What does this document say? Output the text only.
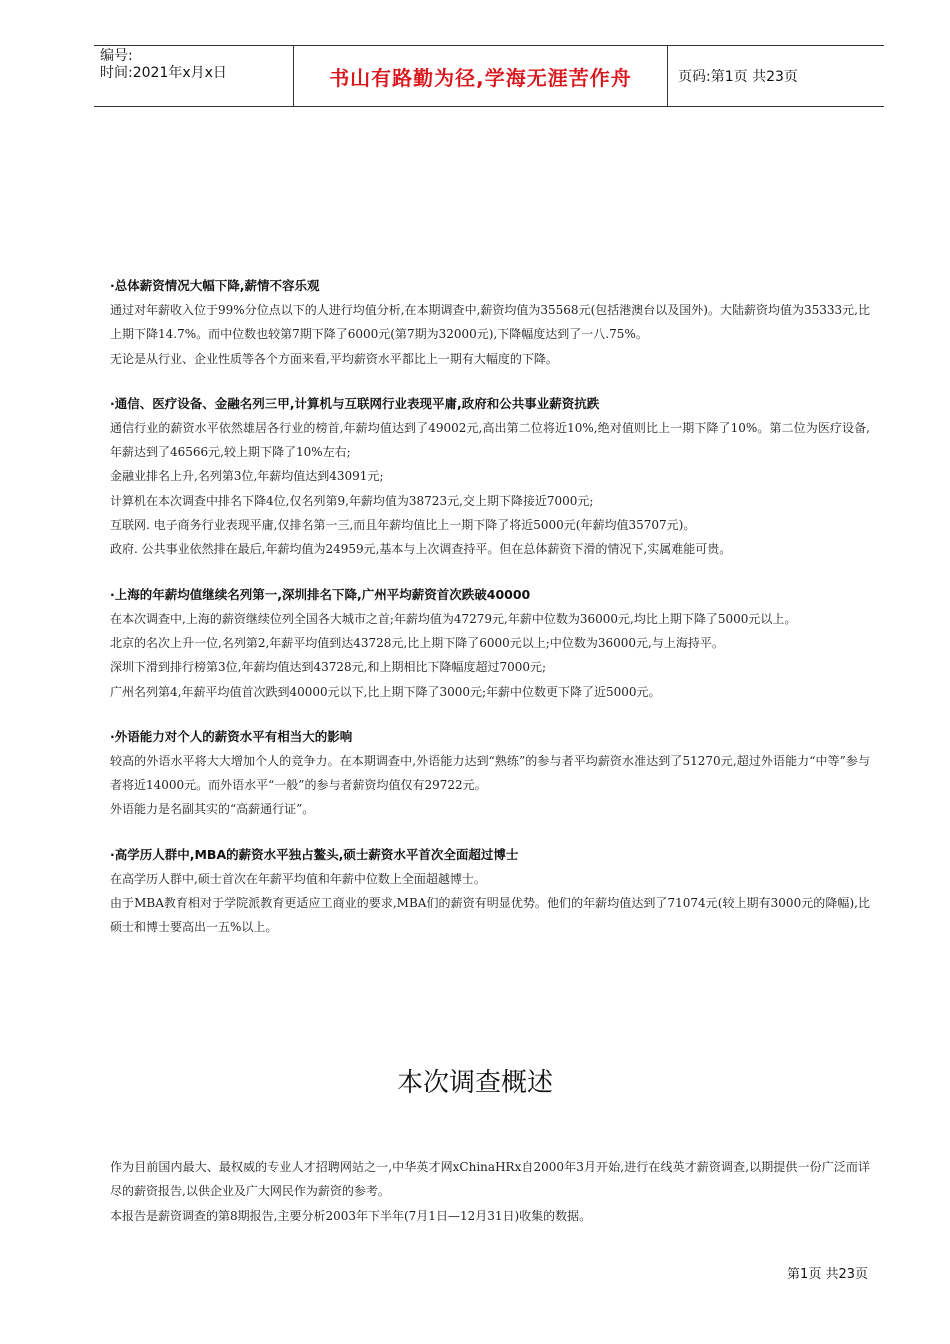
编号:
时间:2021年x月x日	书山有路勤为径,学海无涯苦作舟	页码:第1页 共23页

·总体薪资情况大幅下降,薪情不容乐观

通过对年薪收入位于99%分位点以下的人进行均值分析,在本期调查中,薪资均值为35568元(包括港澳台以及国外)。大陆薪资均值为35333元,比上期下降14.7%。而中位数也较第7期下降了6000元(第7期为32000元),下降幅度达到了一八.75%。

无论是从行业、企业性质等各个方面来看,平均薪资水平都比上一期有大幅度的下降。

·通信、医疗设备、金融名列三甲,计算机与互联网行业表现平庸,政府和公共事业薪资抗跌

通信行业的薪资水平依然雄居各行业的榜首,年薪均值达到了49002元,高出第二位将近10%,绝对值则比上一期下降了10%。第二位为医疗设备,年薪达到了46566元,较上期下降了10%左右;

金融业排名上升,名列第3位,年薪均值达到43091元;

计算机在本次调查中排名下降4位,仅名列第9,年薪均值为38723元,交上期下降接近7000元;

互联网. 电子商务行业表现平庸,仅排名第一三,而且年薪均值比上一期下降了将近5000元(年薪均值35707元)。

政府. 公共事业依然排在最后,年薪均值为24959元,基本与上次调查持平。但在总体薪资下滑的情况下,实属难能可贵。

·上海的年薪均值继续名列第一,深圳排名下降,广州平均薪资首次跌破40000

在本次调查中,上海的薪资继续位列全国各大城市之首;年薪均值为47279元,年薪中位数为36000元,均比上期下降了5000元以上。

北京的名次上升一位,名列第2,年薪平均值到达43728元,比上期下降了6000元以上;中位数为36000元,与上海持平。

深圳下滑到排行榜第3位,年薪均值达到43728元,和上期相比下降幅度超过7000元;

广州名列第4,年薪平均值首次跌到40000元以下,比上期下降了3000元;年薪中位数更下降了近5000元。

·外语能力对个人的薪资水平有相当大的影响

较高的外语水平将大大增加个人的竞争力。在本期调查中,外语能力达到“熟练”的参与者平均薪资水准达到了51270元,超过外语能力“中等”参与者将近14000元。而外语水平“一般”的参与者薪资均值仅有29722元。

外语能力是名副其实的“高薪通行证”。

·高学历人群中,MBA的薪资水平独占鳌头,硕士薪资水平首次全面超过博士

在高学历人群中,硕士首次在年薪平均值和年薪中位数上全面超越博士。

由于MBA教育相对于学院派教育更适应工商业的要求,MBA们的薪资有明显优势。他们的年薪均值达到了71074元(较上期有3000元的降幅),比硕士和博士要高出一五%以上。

本次调查概述

作为目前国内最大、最权威的专业人才招聘网站之一,中华英才网xChinaHRx自2000年3月开始,进行在线英才薪资调查,以期提供一份广泛而详尽的薪资报告,以供企业及广大网民作为薪资的参考。

本报告是薪资调查的第8期报告,主要分析2003年下半年(7月1日—12月31日)收集的数据。

第1页 共23页
